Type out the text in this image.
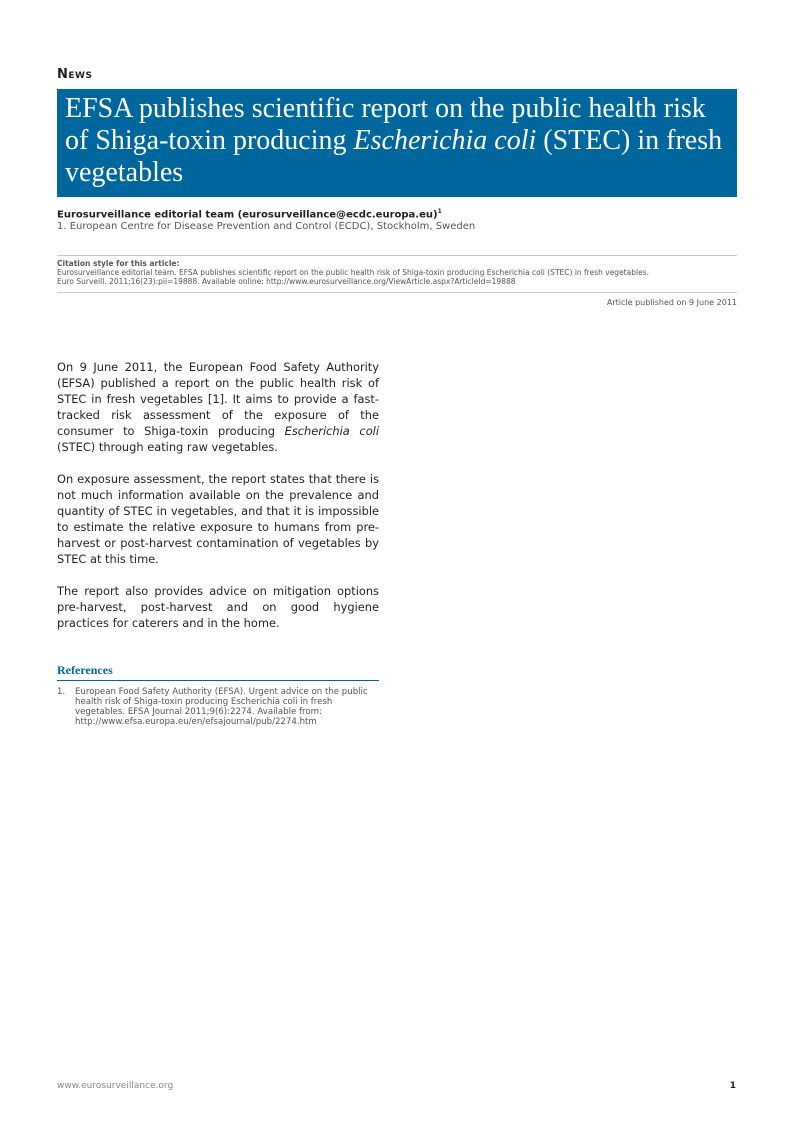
News
EFSA publishes scientific report on the public health risk of Shiga-toxin producing Escherichia coli (STEC) in fresh vegetables
Eurosurveillance editorial team (eurosurveillance@ecdc.europa.eu)$^1$
1. European Centre for Disease Prevention and Control (ECDC), Stockholm, Sweden
Citation style for this article:
Eurosurveillance editorial team. EFSA publishes scientific report on the public health risk of Shiga-toxin producing Escherichia coli (STEC) in fresh vegetables.
Euro Surveill. 2011;16(23):pii=19888. Available online: http://www.eurosurveillance.org/ViewArticle.aspx?ArticleId=19888
Article published on 9 June 2011

On 9 June 2011, the European Food Safety Authority (EFSA) published a report on the public health risk of STEC in fresh vegetables [1]. It aims to provide a fast-tracked risk assessment of the exposure of the consumer to Shiga-toxin producing Escherichia coli (STEC) through eating raw vegetables.

On exposure assessment, the report states that there is not much information available on the prevalence and quantity of STEC in vegetables, and that it is impossible to estimate the relative exposure to humans from pre-harvest or post-harvest contamination of vegetables by STEC at this time.

The report also provides advice on mitigation options pre-harvest, post-harvest and on good hygiene practices for caterers and in the home.

References
1.	European Food Safety Authority (EFSA). Urgent advice on the public health risk of Shiga-toxin producing Escherichia coli in fresh vegetables. EFSA Journal 2011;9(6):2274. Available from: http://www.efsa.europa.eu/en/efsajournal/pub/2274.htm
www.eurosurveillance.org	1
